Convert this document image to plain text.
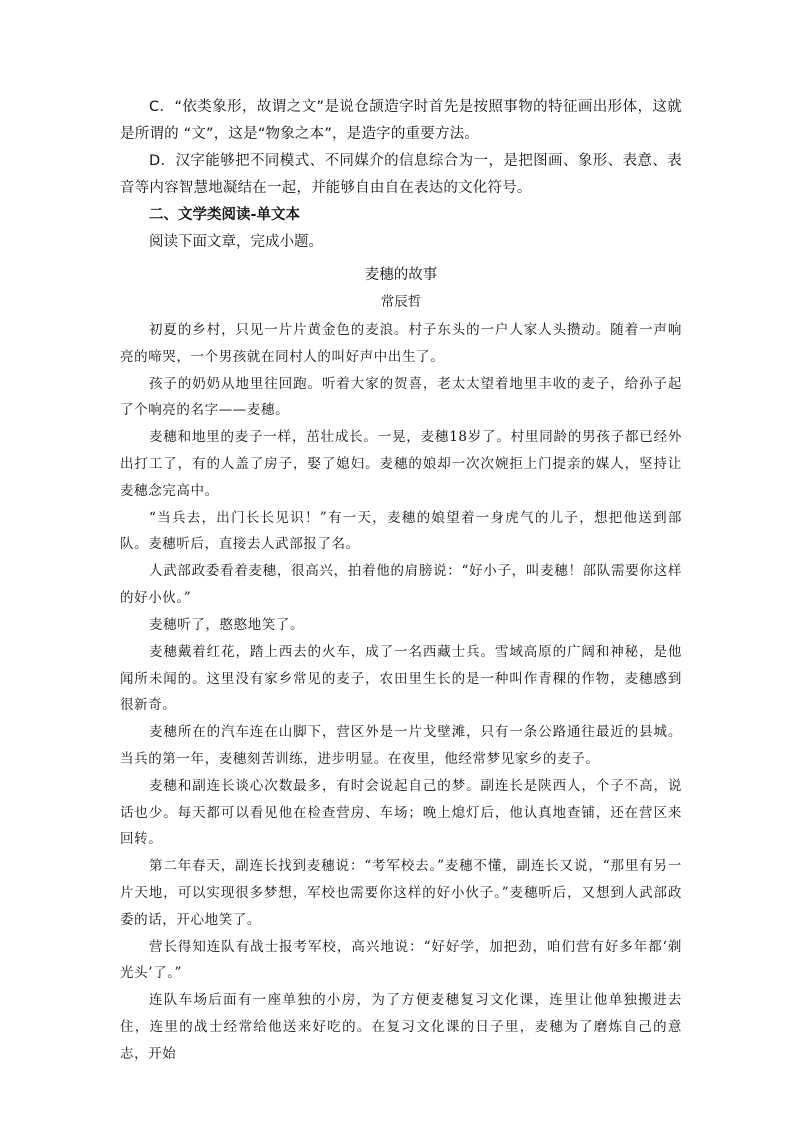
C．“依类象形，故谓之文”是说仓颉造字时首先是按照事物的特征画出形体，这就是所谓的 “文”，这是“物象之本”，是造字的重要方法。

D．汉字能够把不同模式、不同媒介的信息综合为一，是把图画、象形、表意、表音等内容智慧地凝结在一起，并能够自由自在表达的文化符号。

二、文学类阅读-单文本

阅读下面文章，完成小题。

麦穗的故事

常辰哲

初夏的乡村，只见一片片黄金色的麦浪。村子东头的一户人家人头攒动。随着一声响亮的啼哭，一个男孩就在同村人的叫好声中出生了。

孩子的奶奶从地里往回跑。听着大家的贺喜，老太太望着地里丰收的麦子，给孙子起了个响亮的名字——麦穗。

麦穗和地里的麦子一样，茁壮成长。一晃，麦穗18岁了。村里同龄的男孩子都已经外出打工了，有的人盖了房子，娶了媳妇。麦穗的娘却一次次婉拒上门提亲的媒人，坚持让麦穗念完高中。

“当兵去，出门长长见识！”有一天，麦穗的娘望着一身虎气的儿子，想把他送到部队。麦穗听后，直接去人武部报了名。

人武部政委看着麦穗，很高兴，拍着他的肩膀说：“好小子，叫麦穗！部队需要你这样的好小伙。”

麦穗听了，憨憨地笑了。

麦穗戴着红花，踏上西去的火车，成了一名西藏士兵。雪域高原的广阔和神秘，是他闻所未闻的。这里没有家乡常见的麦子，农田里生长的是一种叫作青稞的作物，麦穗感到很新奇。

麦穗所在的汽车连在山脚下，营区外是一片戈壁滩，只有一条公路通往最近的县城。当兵的第一年，麦穗刻苦训练，进步明显。在夜里，他经常梦见家乡的麦子。

麦穗和副连长谈心次数最多，有时会说起自己的梦。副连长是陕西人，个子不高，说话也少。每天都可以看见他在检查营房、车场；晚上熄灯后，他认真地查铺，还在营区来回转。

第二年春天，副连长找到麦穗说：“考军校去。”麦穗不懂，副连长又说，“那里有另一片天地，可以实现很多梦想，军校也需要你这样的好小伙子。”麦穗听后，又想到人武部政委的话，开心地笑了。

营长得知连队有战士报考军校，高兴地说：“好好学，加把劲，咱们营有好多年都‘剃光头’了。”

连队车场后面有一座单独的小房，为了方便麦穗复习文化课，连里让他单独搬进去住，连里的战士经常给他送来好吃的。在复习文化课的日子里，麦穗为了磨炼自己的意志，开始
